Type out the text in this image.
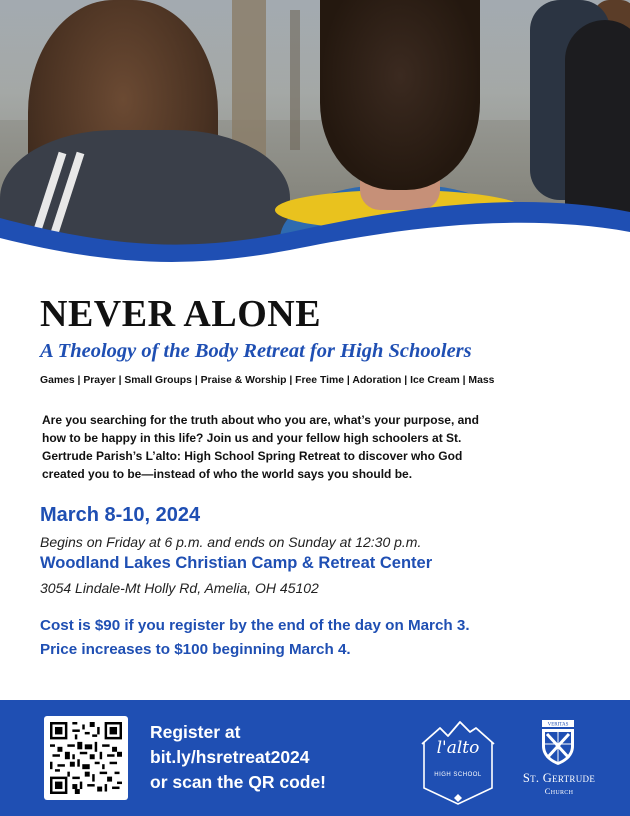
NEVER ALONE
A Theology of the Body Retreat for High Schoolers
Games | Prayer | Small Groups | Praise & Worship | Free Time | Adoration | Ice Cream | Mass
Are you searching for the truth about who you are, what’s your purpose, and
how to be happy in this life? Join us and your fellow high schoolers at St.
Gertrude Parish’s L’alto: High School Spring Retreat to discover who God
created you to be—instead of who the world says you should be.
March 8-10, 2024
Begins on Friday at 6 p.m. and ends on Sunday at 12:30 p.m.
Woodland Lakes Christian Camp & Retreat Center
3054 Lindale-Mt Holly Rd, Amelia, OH 45102
Cost is $90 if you register by the end of the day on March 3.
Price increases to $100 beginning March 4.
Register at
bit.ly/hsretreat2024
or scan the QR code!
l'alto
HIGH SCHOOL
VERITAS
St. Gertrude
Church
